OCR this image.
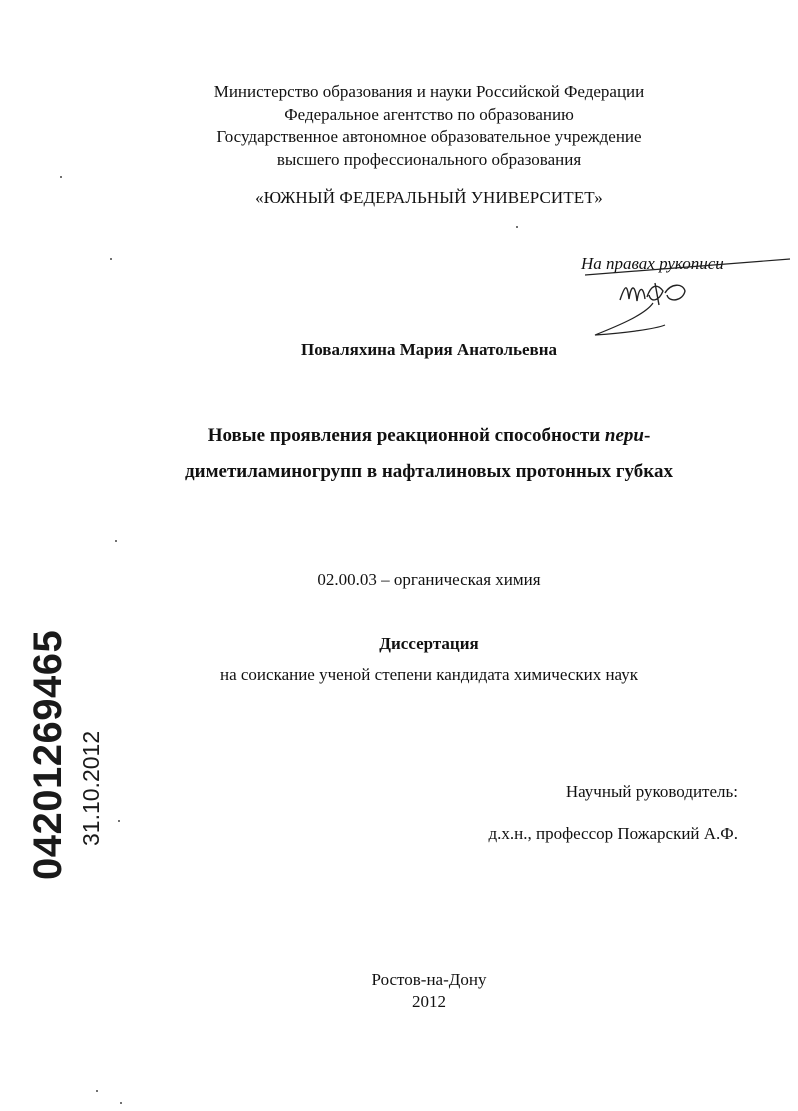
Министерство образования и науки Российской Федерации
Федеральное агентство по образованию
Государственное автономное образовательное учреждение
высшего профессионального образования
«ЮЖНЫЙ ФЕДЕРАЛЬНЫЙ УНИВЕРСИТЕТ»
На правах рукописи
Поваляхина Мария Анатольевна
Новые проявления реакционной способности пери-
диметиламиногрупп в нафталиновых протонных губках
02.00.03 – органическая химия
Диссертация
на соискание ученой степени кандидата химических наук
Научный руководитель:
д.х.н., профессор Пожарский А.Ф.
Ростов-на-Дону
2012
04201269465 31.10.2012
